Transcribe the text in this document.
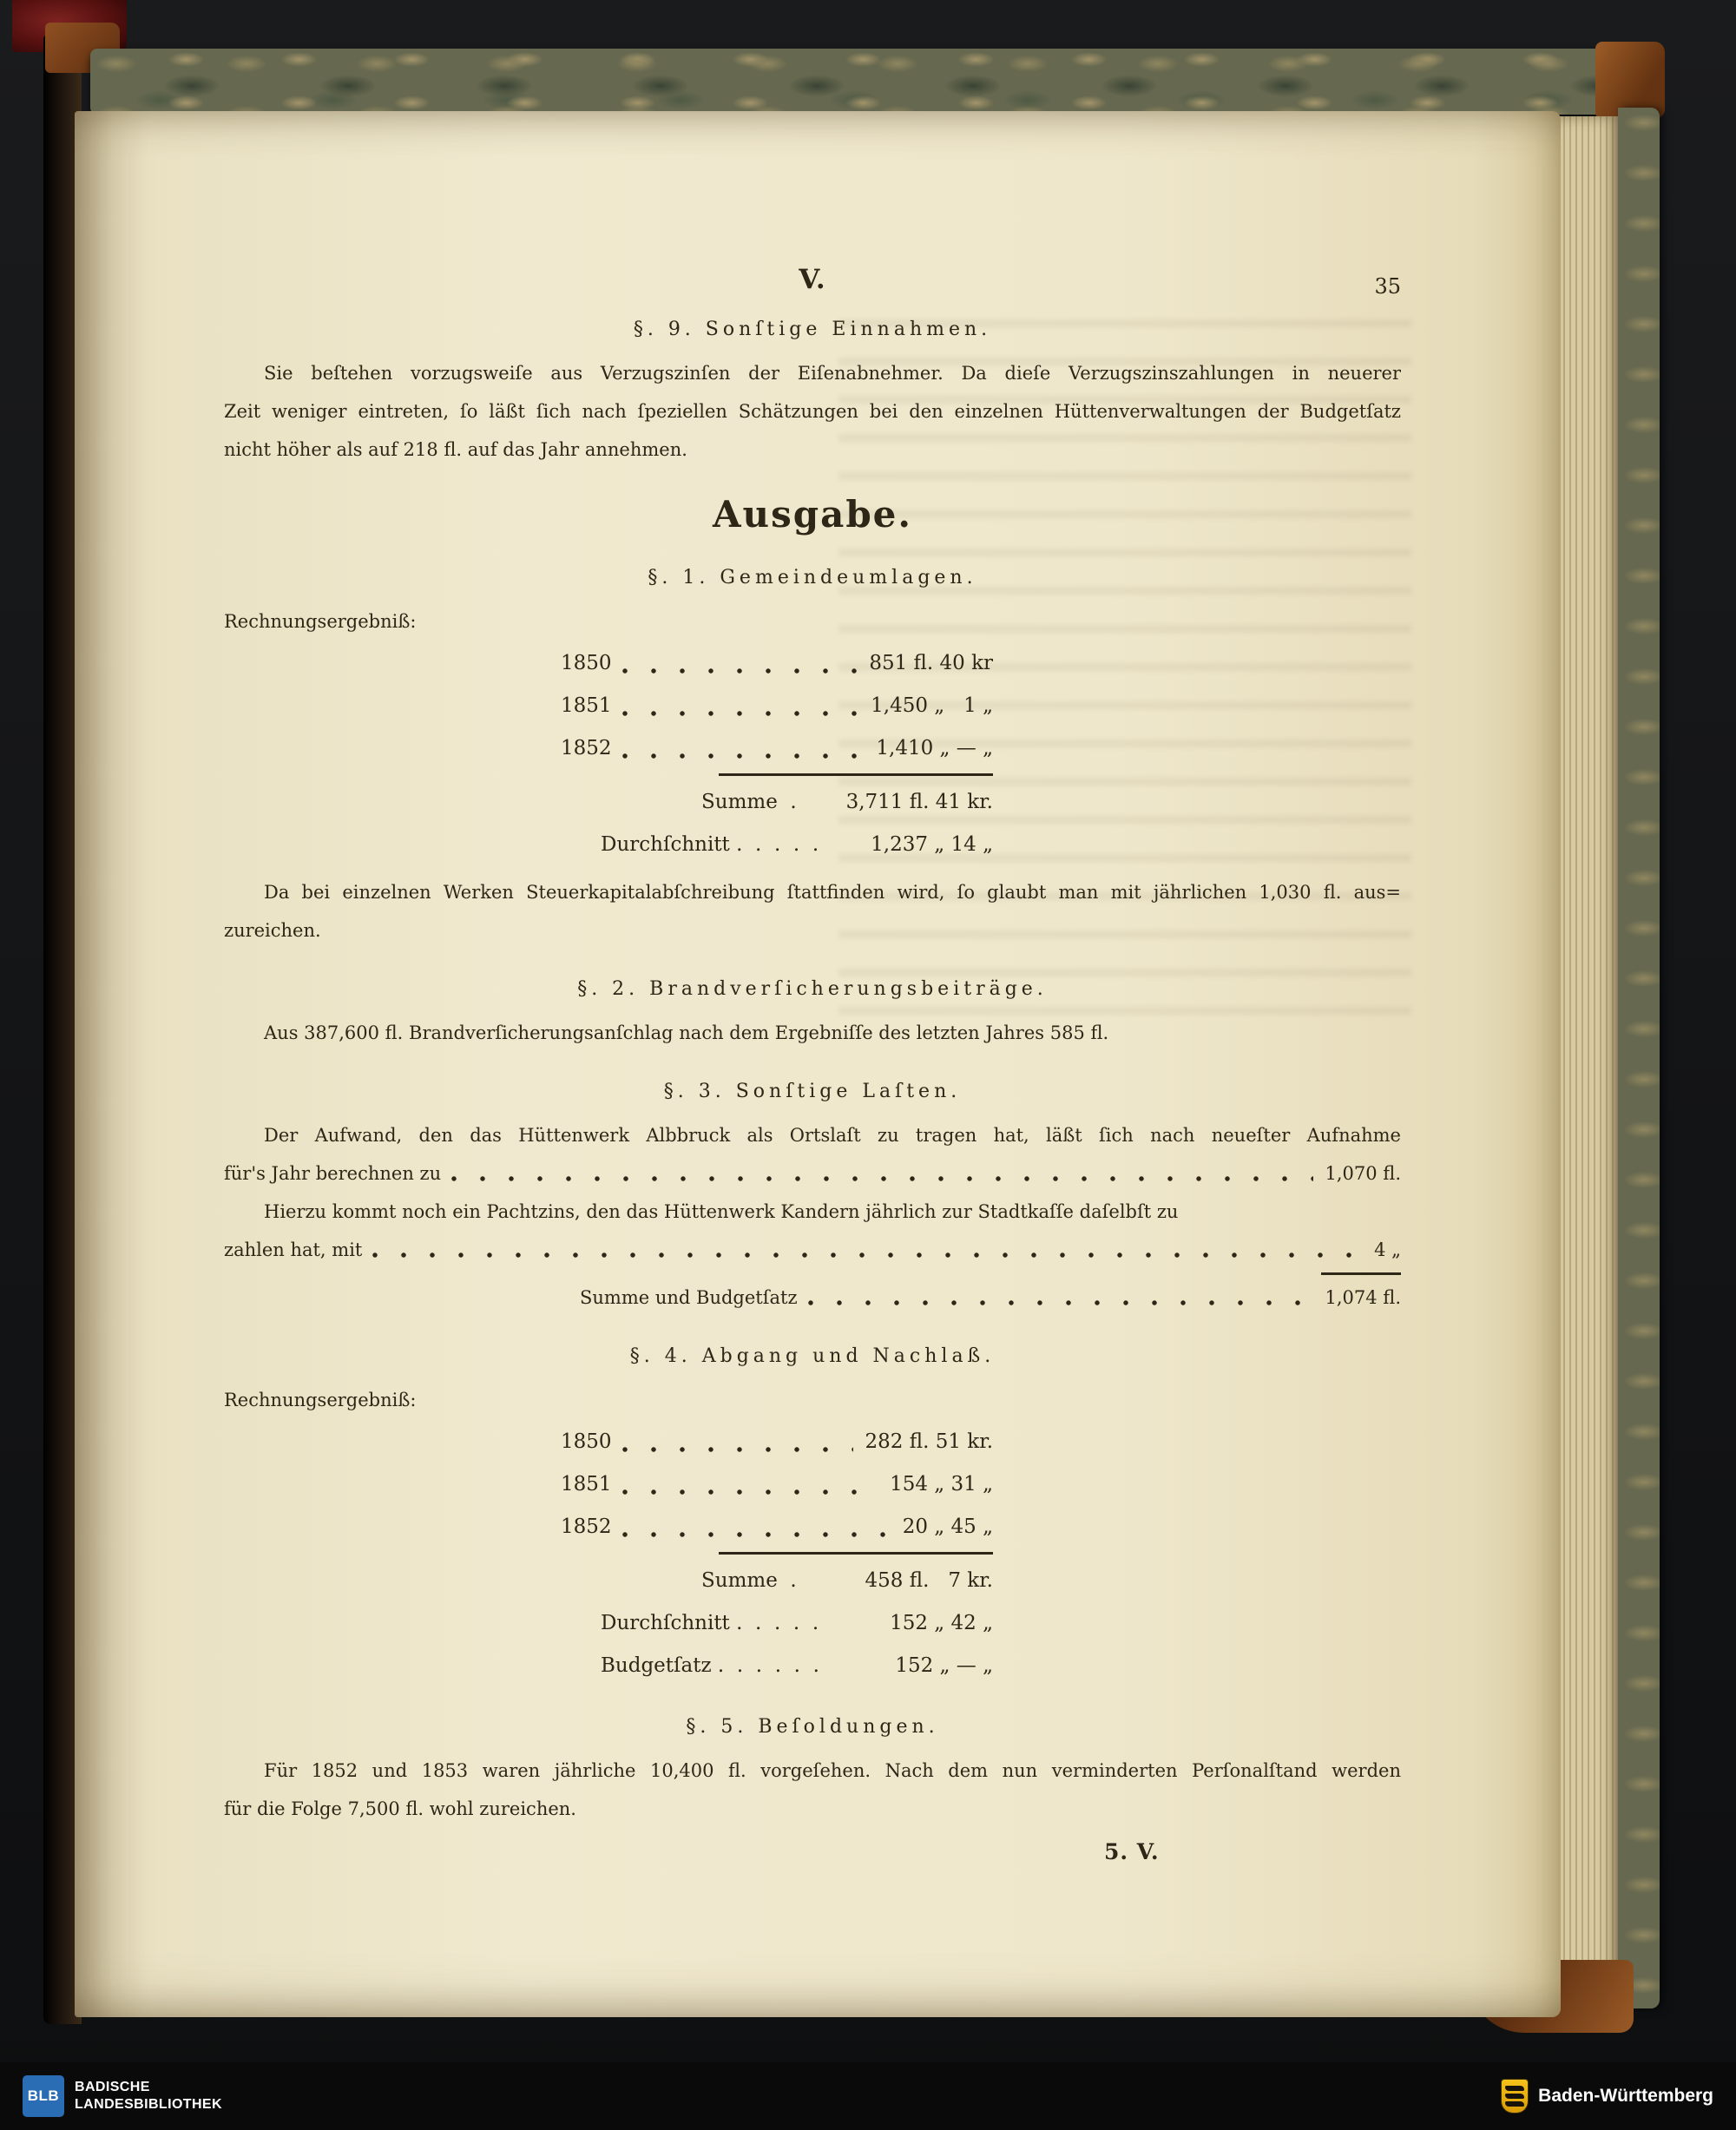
V.	35
§. 9. Sonſtige Einnahmen.
Sie beſtehen vorzugsweiſe aus Verzugszinſen der Eiſenabnehmer. Da dieſe Verzugszinszahlungen in neuerer
Zeit weniger eintreten, ſo läßt ſich nach ſpeziellen Schätzungen bei den einzelnen Hüttenverwaltungen der Budgetſatz
nicht höher als auf 218 fl. auf das Jahr annehmen.
Ausgabe.
§. 1. Gemeindeumlagen.
Rechnungsergebniß:
1850	851 fl. 40 kr
1851	1,450 „   1 „
1852	1,410 „ — „
Summe  . 3,711 fl. 41 kr.
Durchſchnitt .  .  .  .  .	1,237 „ 14 „
Da bei einzelnen Werken Steuerkapitalabſchreibung ſtattfinden wird, ſo glaubt man mit jährlichen 1,030 fl. aus=
zureichen.
§. 2. Brandverſicherungsbeiträge.
Aus 387,600 fl. Brandverſicherungsanſchlag nach dem Ergebniſſe des letzten Jahres 585 fl.
§. 3. Sonſtige Laſten.
Der Aufwand, den das Hüttenwerk Albbruck als Ortslaſt zu tragen hat, läßt ſich nach neueſter Aufnahme
für's Jahr berechnen zu	1,070 fl.
Hierzu kommt noch ein Pachtzins, den das Hüttenwerk Kandern jährlich zur Stadtkaſſe daſelbſt zu
zahlen hat, mit	4 „
Summe und Budgetſatz	1,074 fl.
§. 4. Abgang und Nachlaß.
Rechnungsergebniß:
1850	282 fl. 51 kr.
1851	154 „ 31 „
1852	20 „ 45 „
Summe  .	458 fl.   7 kr.
Durchſchnitt .  .  .  .  .	152 „ 42 „
Budgetſatz .  .  .  .  .  .	152 „ — „
§. 5. Beſoldungen.
Für 1852 und 1853 waren jährliche 10,400 fl. vorgeſehen. Nach dem nun verminderten Perſonalſtand werden
für die Folge 7,500 fl. wohl zureichen.
5. V.
BLB
BADISCHE
LANDESBIBLIOTHEK	Baden-Württemberg
